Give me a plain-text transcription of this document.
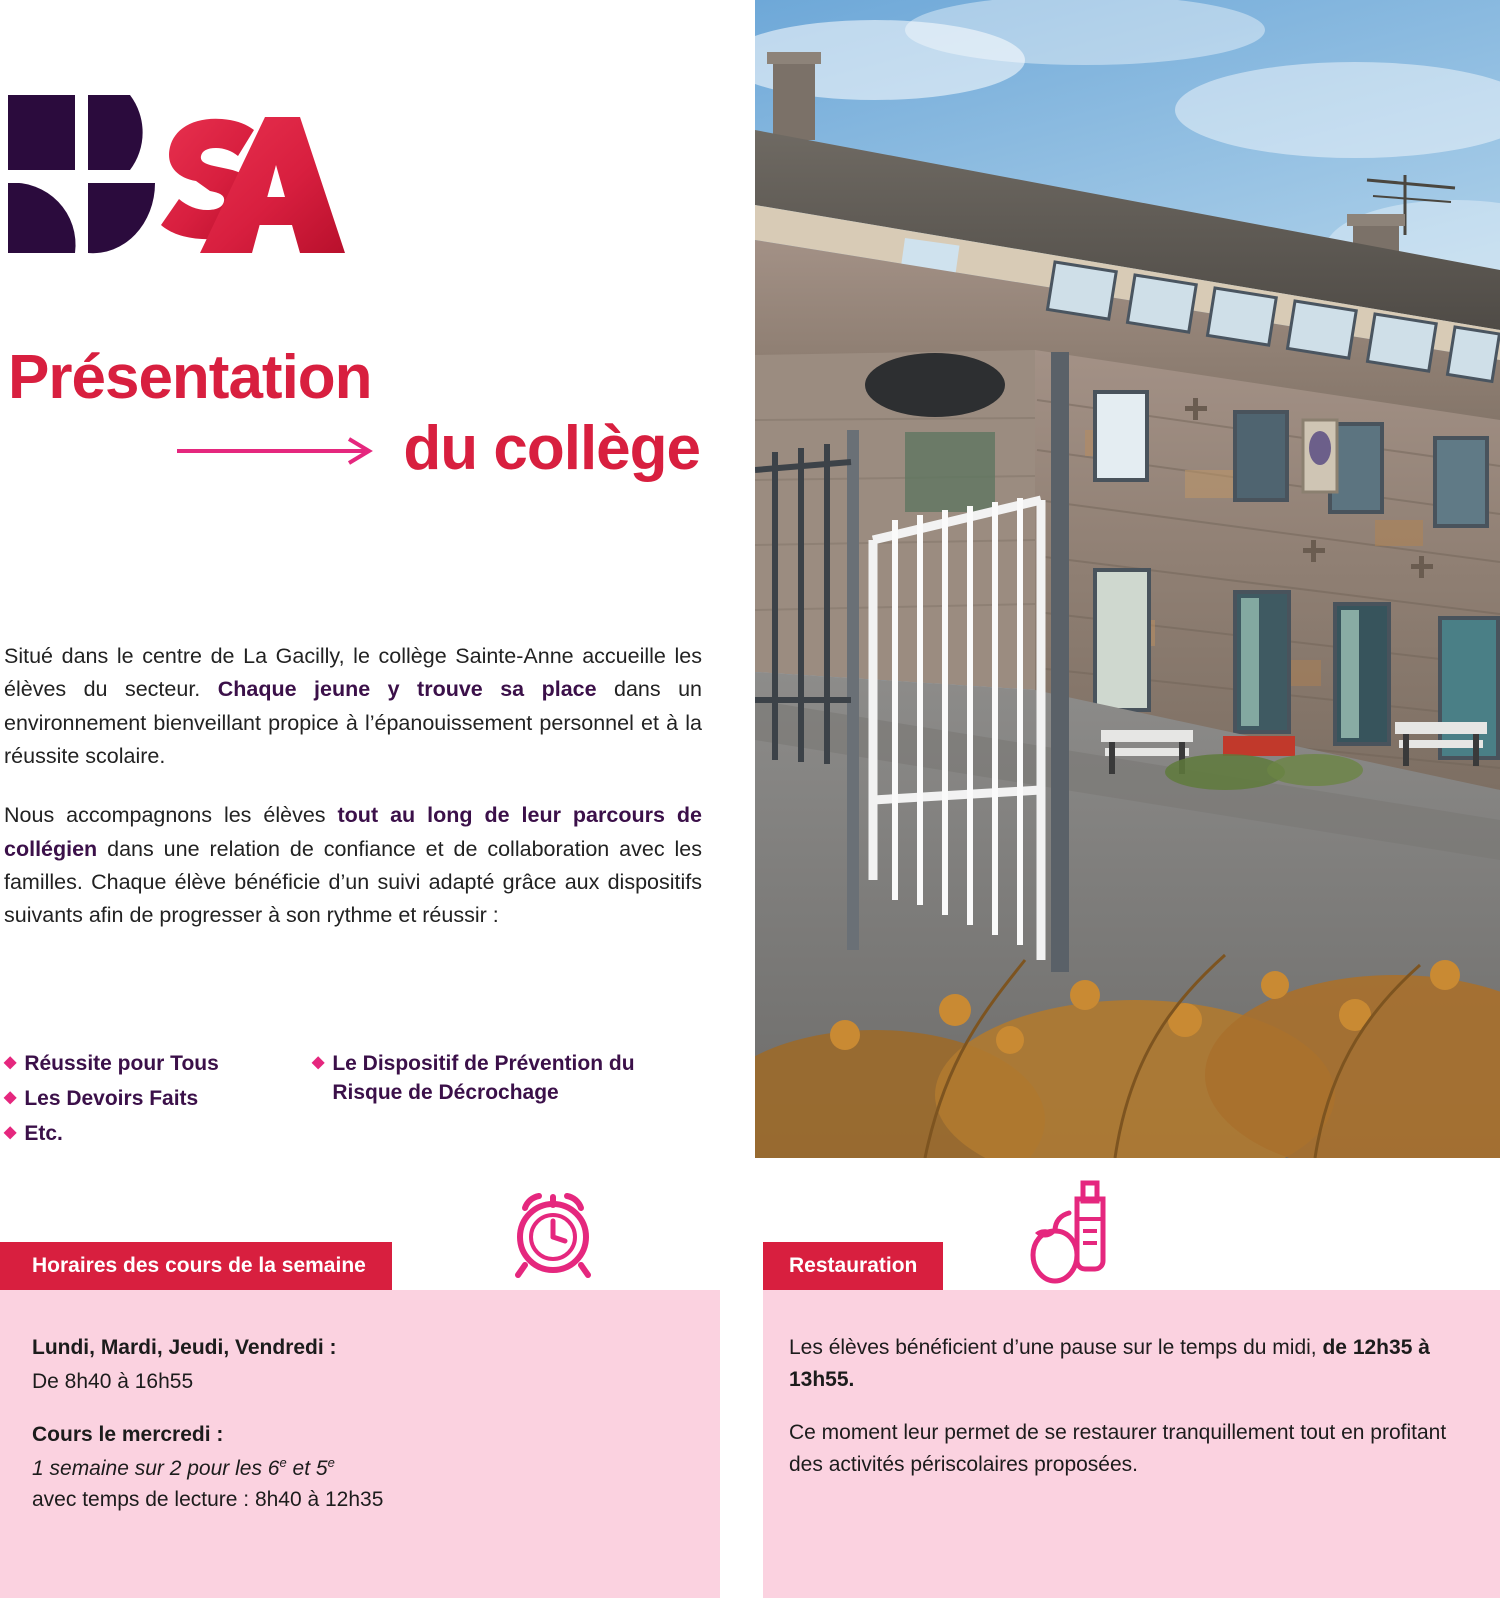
Présentation
du collège

Situé dans le centre de La Gacilly, le collège Sainte-Anne accueille les élèves du secteur. Chaque jeune y trouve sa place dans un environnement bienveillant propice à l’épanouissement personnel et à la réussite scolaire.

Nous accompagnons les élèves tout au long de leur parcours de collégien dans une relation de confiance et de collaboration avec les familles. Chaque élève bénéficie d’un suivi adapté grâce aux dispositifs suivants afin de progresser à son rythme et réussir :

◆ Réussite pour Tous
◆ Les Devoirs Faits
◆ Etc.
◆ Le Dispositif de Prévention du Risque de Décrochage
Horaires des cours de la semaine

Lundi, Mardi, Jeudi, Vendredi :
De 8h40 à 16h55

Cours le mercredi :
1 semaine sur 2 pour les 6e et 5e
avec temps de lecture : 8h40 à 12h35

Restauration

Les élèves bénéficient d’une pause sur le temps du midi, de 12h35 à 13h55.

Ce moment leur permet de se restaurer tranquillement tout en profitant des activités périscolaires proposées.
